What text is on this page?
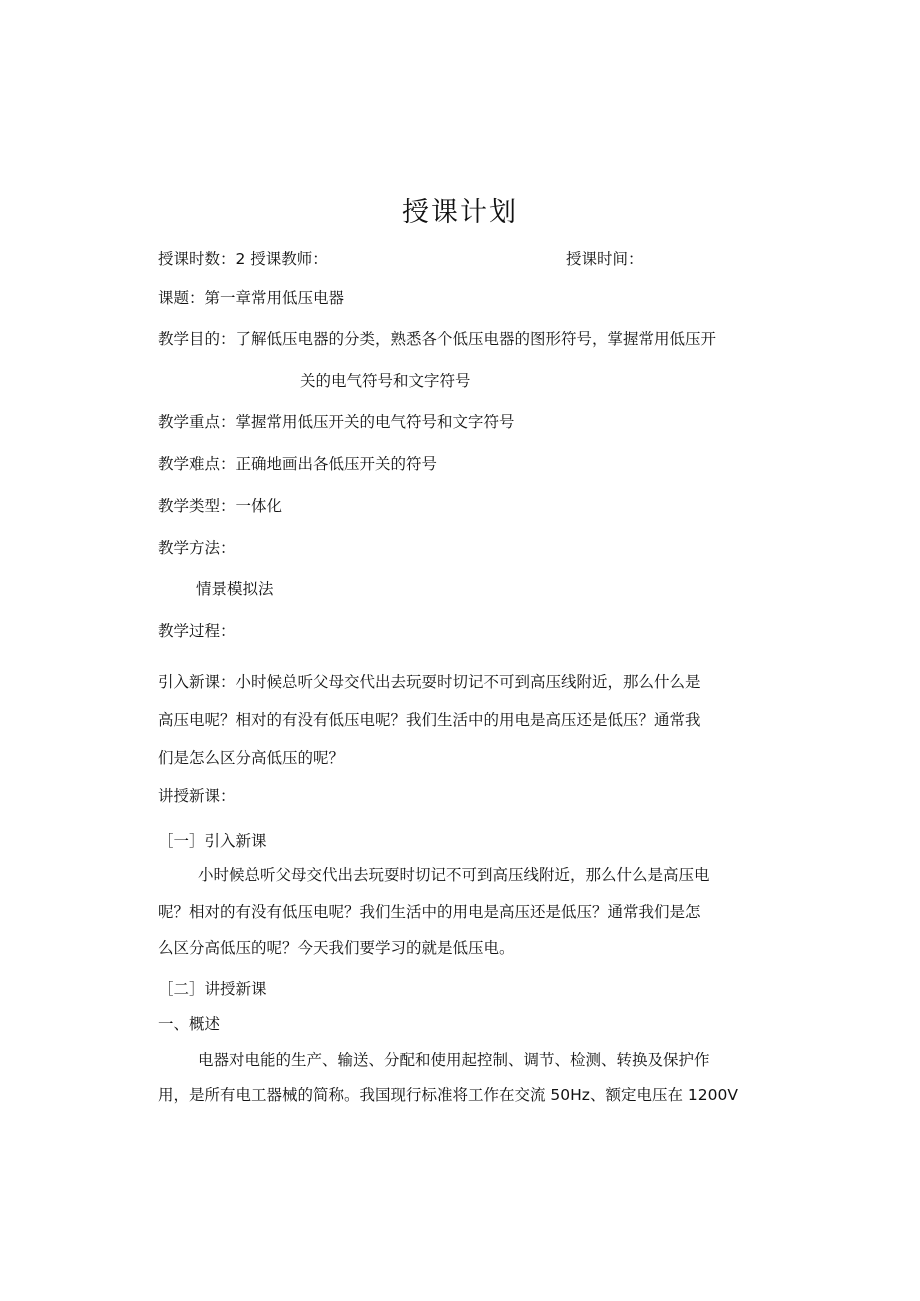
授课计划
授课时数：2 授课教师：	授课时间：
课题：第一章常用低压电器
教学目的：了解低压电器的分类，熟悉各个低压电器的图形符号，掌握常用低压开
关的电气符号和文字符号
教学重点：掌握常用低压开关的电气符号和文字符号
教学难点：正确地画出各低压开关的符号
教学类型：一体化
教学方法：
情景模拟法
教学过程：
引入新课：小时候总听父母交代出去玩耍时切记不可到高压线附近，那么什么是
高压电呢？相对的有没有低压电呢？我们生活中的用电是高压还是低压？通常我
们是怎么区分高低压的呢？
讲授新课：
［一］引入新课
小时候总听父母交代出去玩耍时切记不可到高压线附近，那么什么是高压电
呢？相对的有没有低压电呢？我们生活中的用电是高压还是低压？通常我们是怎
么区分高低压的呢？今天我们要学习的就是低压电。
［二］讲授新课
一、概述
电器对电能的生产、输送、分配和使用起控制、调节、检测、转换及保护作
用，是所有电工器械的简称。我国现行标准将工作在交流 50Hz、额定电压在 1200V
